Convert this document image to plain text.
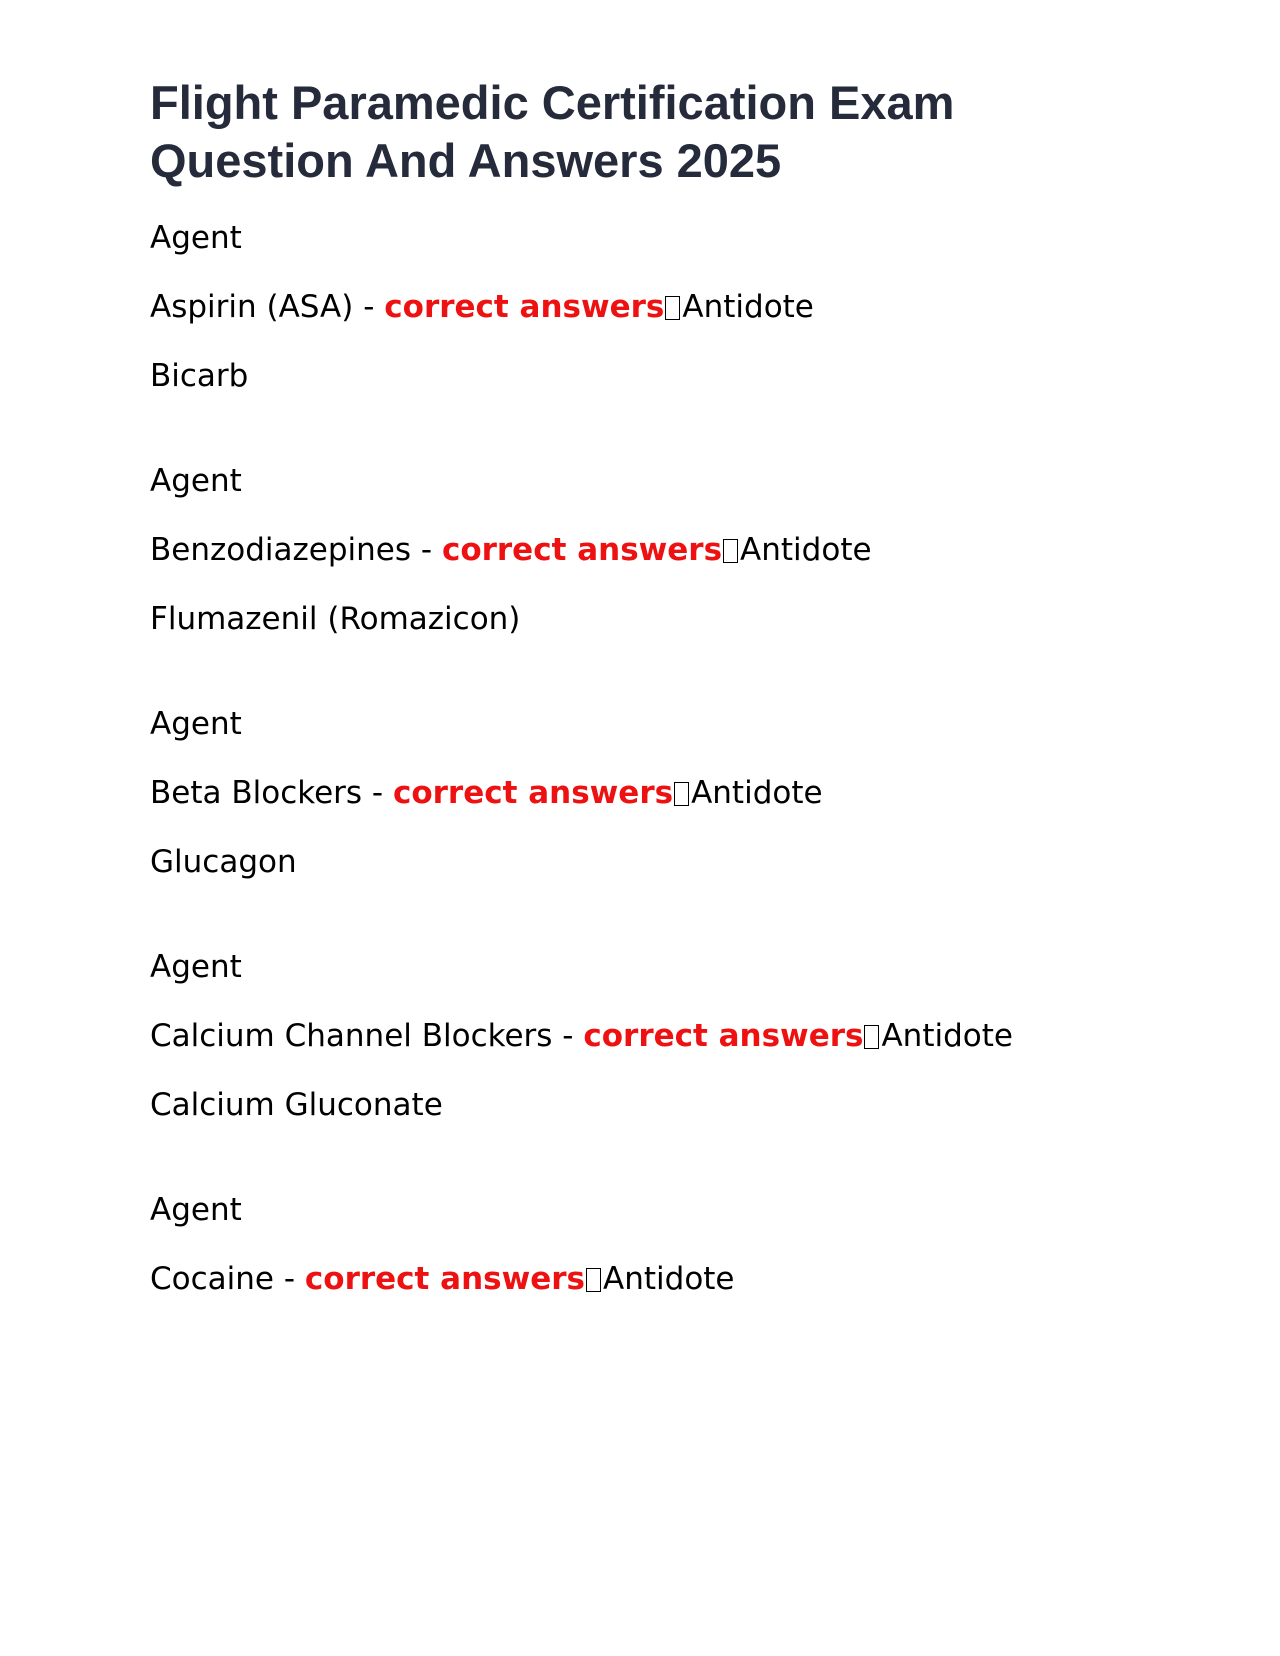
Flight Paramedic Certification Exam Question And Answers 2025
Agent
Aspirin (ASA) - correct answers Antidote
Bicarb
Agent
Benzodiazepines - correct answers Antidote
Flumazenil (Romazicon)
Agent
Beta Blockers - correct answers Antidote
Glucagon
Agent
Calcium Channel Blockers - correct answers Antidote
Calcium Gluconate
Agent
Cocaine - correct answers Antidote
